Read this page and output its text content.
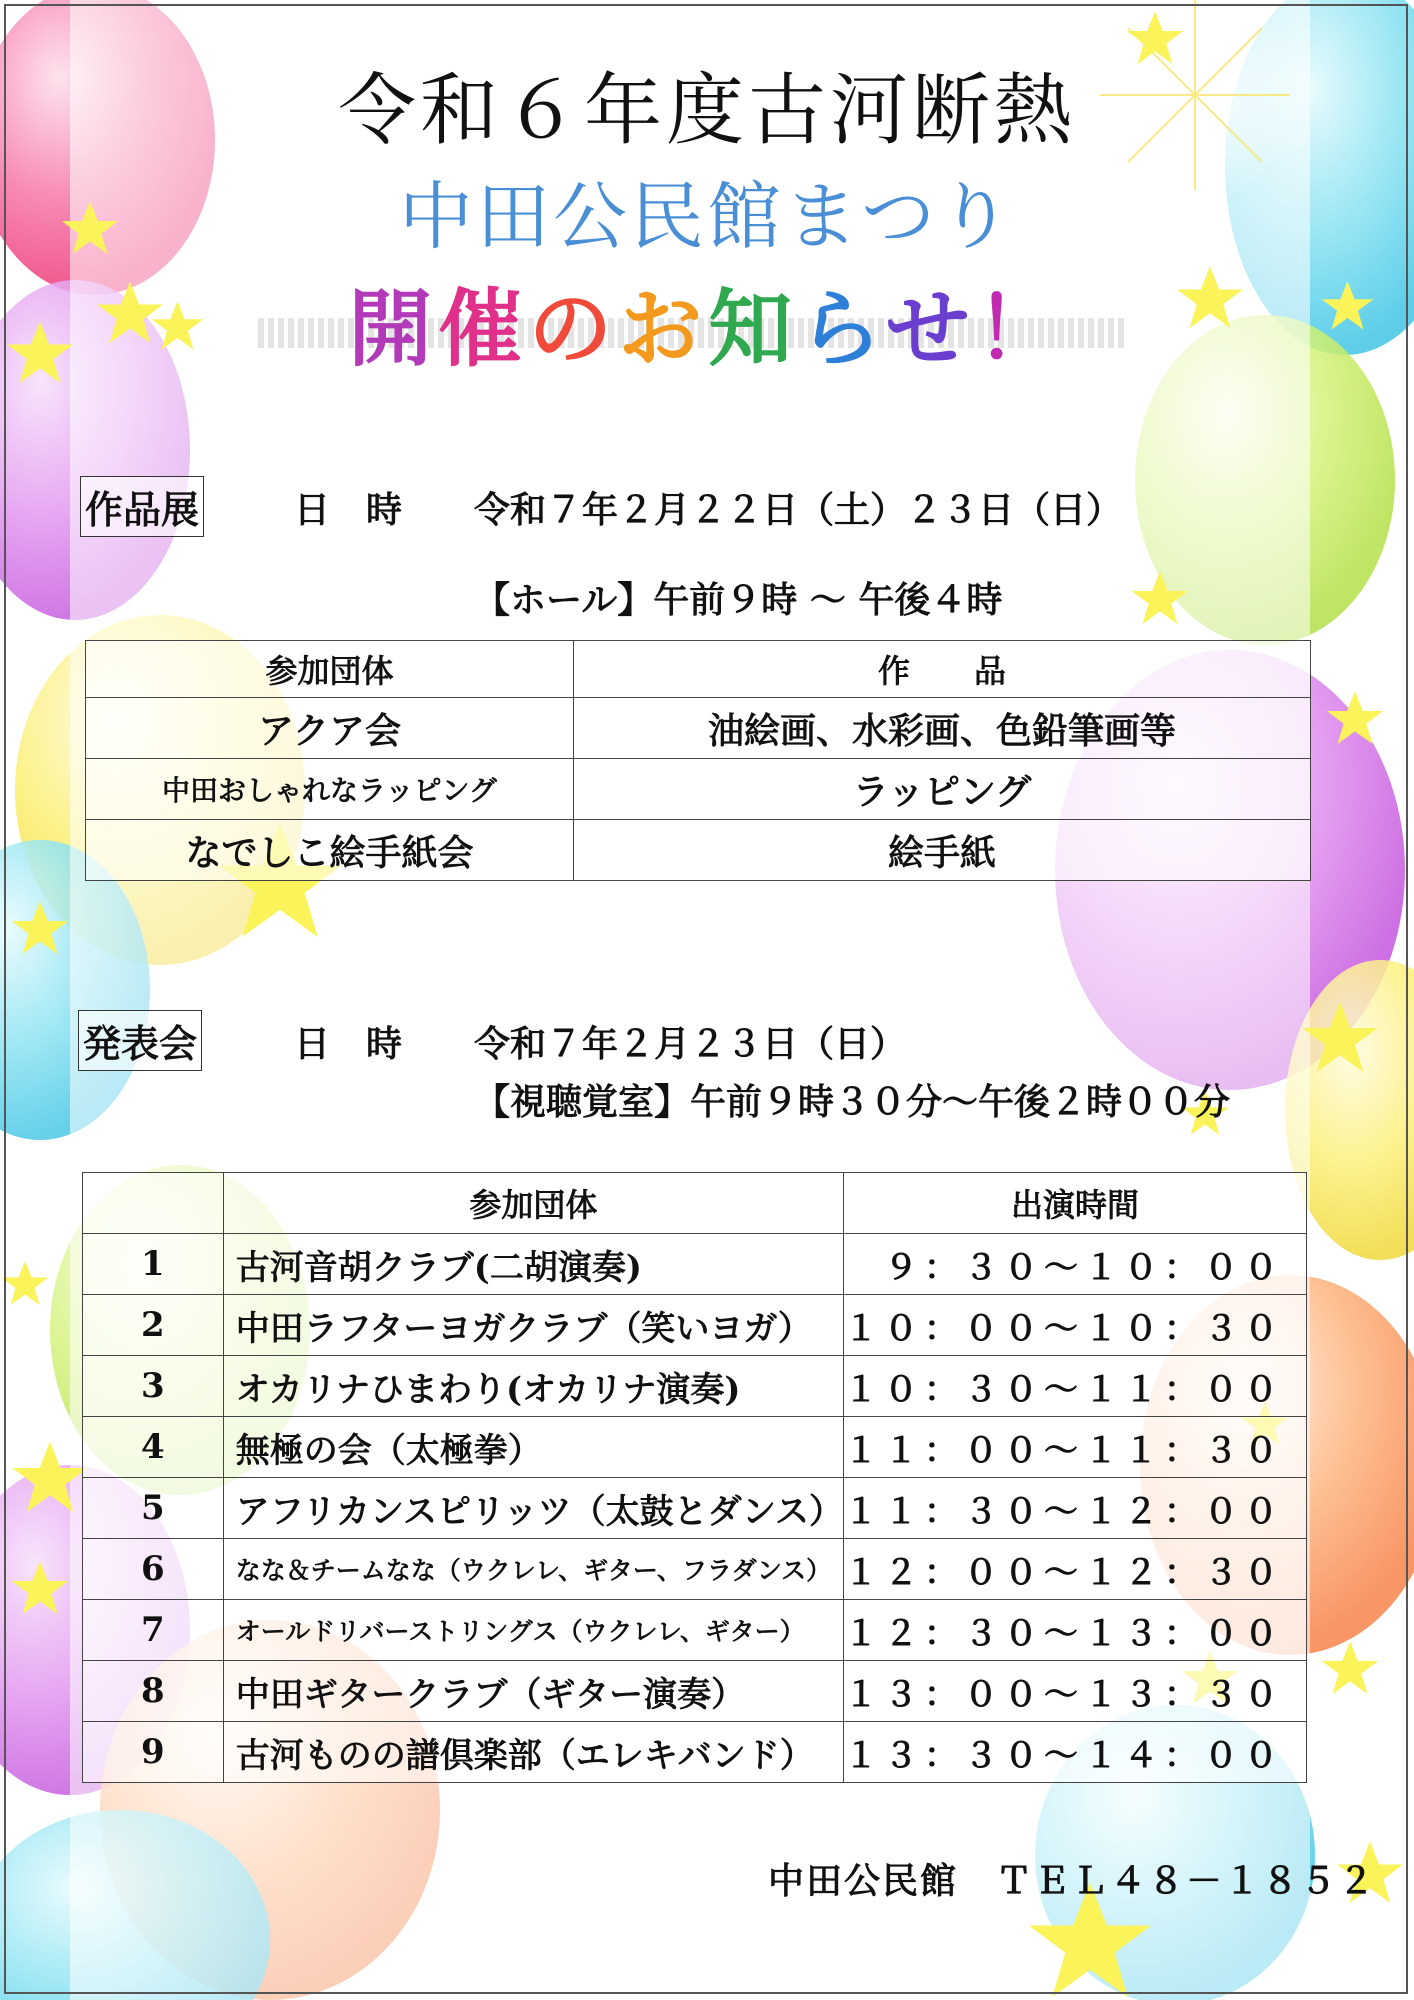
令和６年度古河断熱
中田公民館まつり
開催のお知らせ！
作品展	日　時 令和７年２月２２日（土）２３日（日）
【ホール】午前９時 ～ 午後４時
参加団体	作　　品
アクア会	油絵画、水彩画、色鉛筆画等
中田おしゃれなラッピング	ラッピング
なでしこ絵手紙会	絵手紙
発表会	日　時 令和７年２月２３日（日）
【視聴覚室】午前９時３０分～午後２時００分
	参加団体	出演時間
1	古河音胡クラブ(二胡演奏)	９：３０～１０：００
2	中田ラフターヨガクラブ（笑いヨガ）	１０：００～１０：３０
3	オカリナひまわり(オカリナ演奏)	１０：３０～１１：００
4	無極の会（太極拳）	１１：００～１１：３０
5	アフリカンスピリッツ（太鼓とダンス）	１１：３０～１２：００
6	なな＆チームなな（ウクレレ、ギター、フラダンス）	１２：００～１２：３０
7	オールドリバーストリングス（ウクレレ、ギター）	１２：３０～１３：００
8	中田ギタークラブ（ギター演奏）	１３：００～１３：３０
9	古河ものの譜倶楽部（エレキバンド）	１３：３０～１４：００
中田公民館　 ＴＥＬ４８－１８５２
